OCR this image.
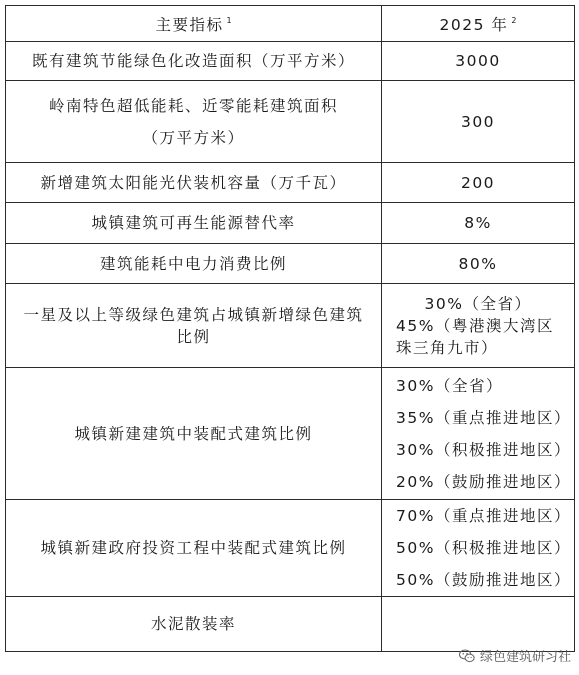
主要指标 $^1$	2025 年 $^2$

既有建筑节能绿色化改造面积（万平方米）	3000

岭南特色超低能耗、近零能耗建筑面积
（万平方米）	300

新增建筑太阳能光伏装机容量（万千瓦）	200

城镇建筑可再生能源替代率	8%

建筑能耗中电力消费比例	80%

一星及以上等级绿色建筑占城镇新增绿色建筑比例	30%（全省）
45%（粤港澳大湾区
珠三角九市）

城镇新建建筑中装配式建筑比例	30%（全省）
35%（重点推进地区）
30%（积极推进地区）
20%（鼓励推进地区）

城镇新建政府投资工程中装配式建筑比例	70%（重点推进地区）
50%（积极推进地区）
50%（鼓励推进地区）

水泥散装率	

绿色建筑研习社
